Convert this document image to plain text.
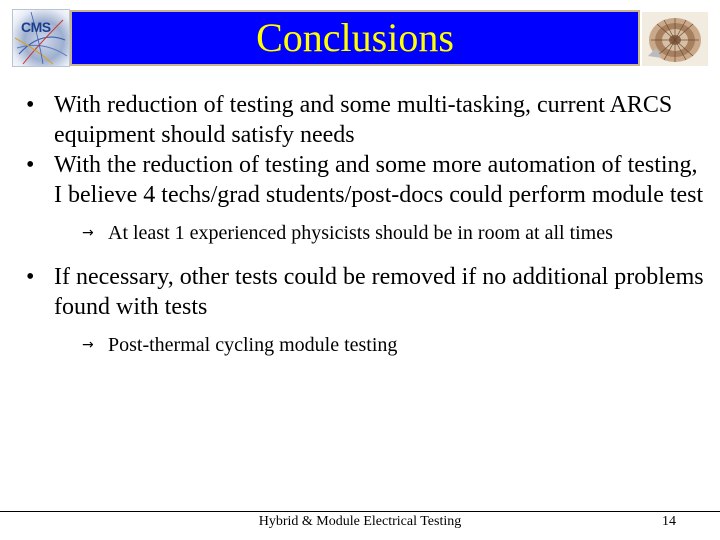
CMS	Conclusions
• With reduction of testing and some multi-tasking, current ARCS equipment should satisfy needs
• With the reduction of testing and some more automation of testing, I believe 4 techs/grad students/post-docs could perform module test
→ At least 1 experienced physicists should be in room at all times
• If necessary, other tests could be removed if no additional problems found with tests
→ Post-thermal cycling module testing
Hybrid & Module Electrical Testing	14
